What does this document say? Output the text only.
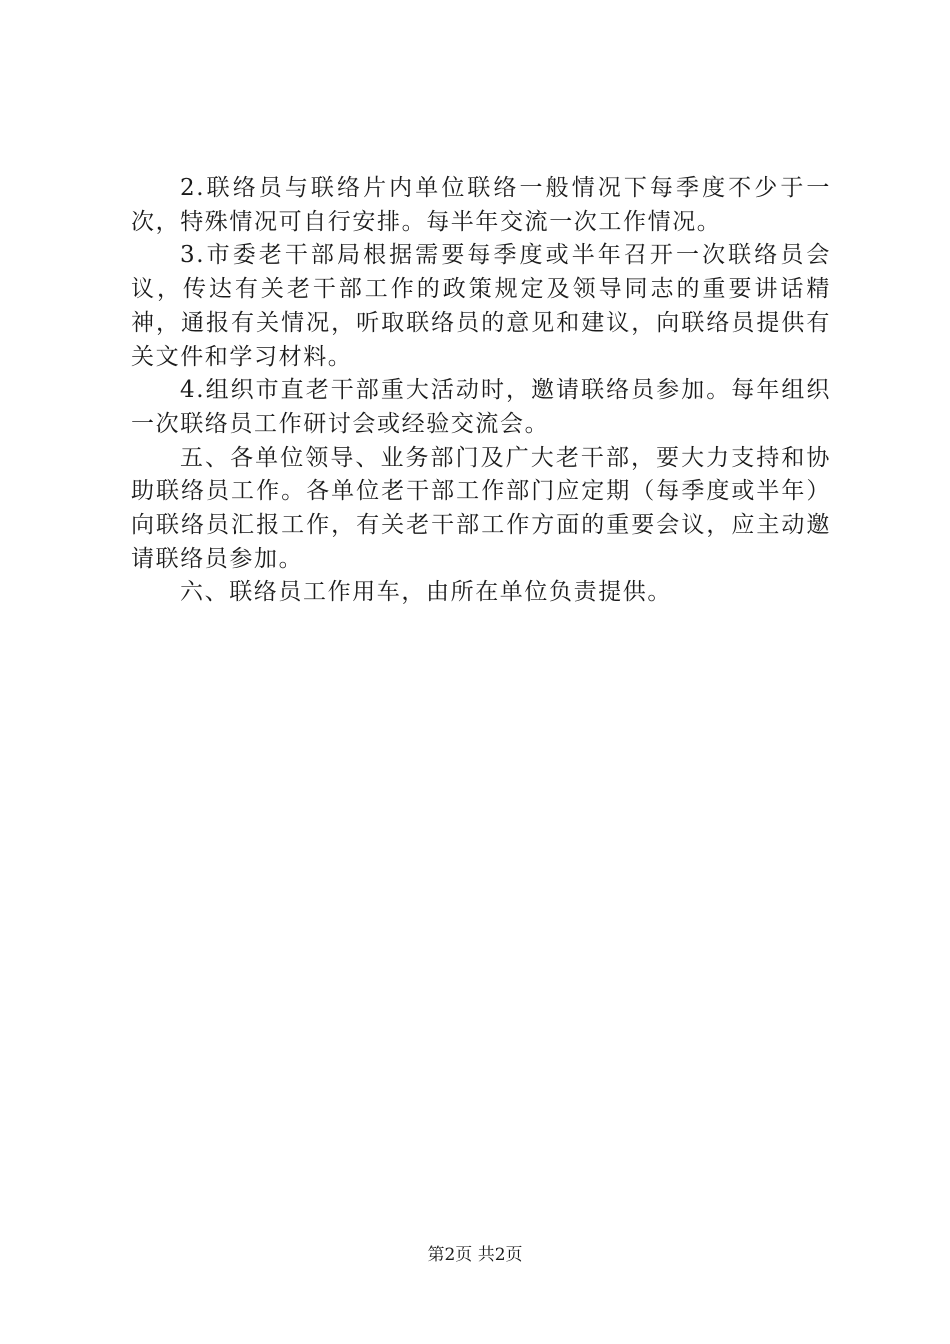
2.联络员与联络片内单位联络一般情况下每季度不少于一次，特殊情况可自行安排。每半年交流一次工作情况。

3.市委老干部局根据需要每季度或半年召开一次联络员会议，传达有关老干部工作的政策规定及领导同志的重要讲话精神，通报有关情况，听取联络员的意见和建议，向联络员提供有关文件和学习材料。

4.组织市直老干部重大活动时，邀请联络员参加。每年组织一次联络员工作研讨会或经验交流会。

五、各单位领导、业务部门及广大老干部，要大力支持和协助联络员工作。各单位老干部工作部门应定期（每季度或半年）向联络员汇报工作，有关老干部工作方面的重要会议，应主动邀请联络员参加。

六、联络员工作用车，由所在单位负责提供。

第2页 共2页
